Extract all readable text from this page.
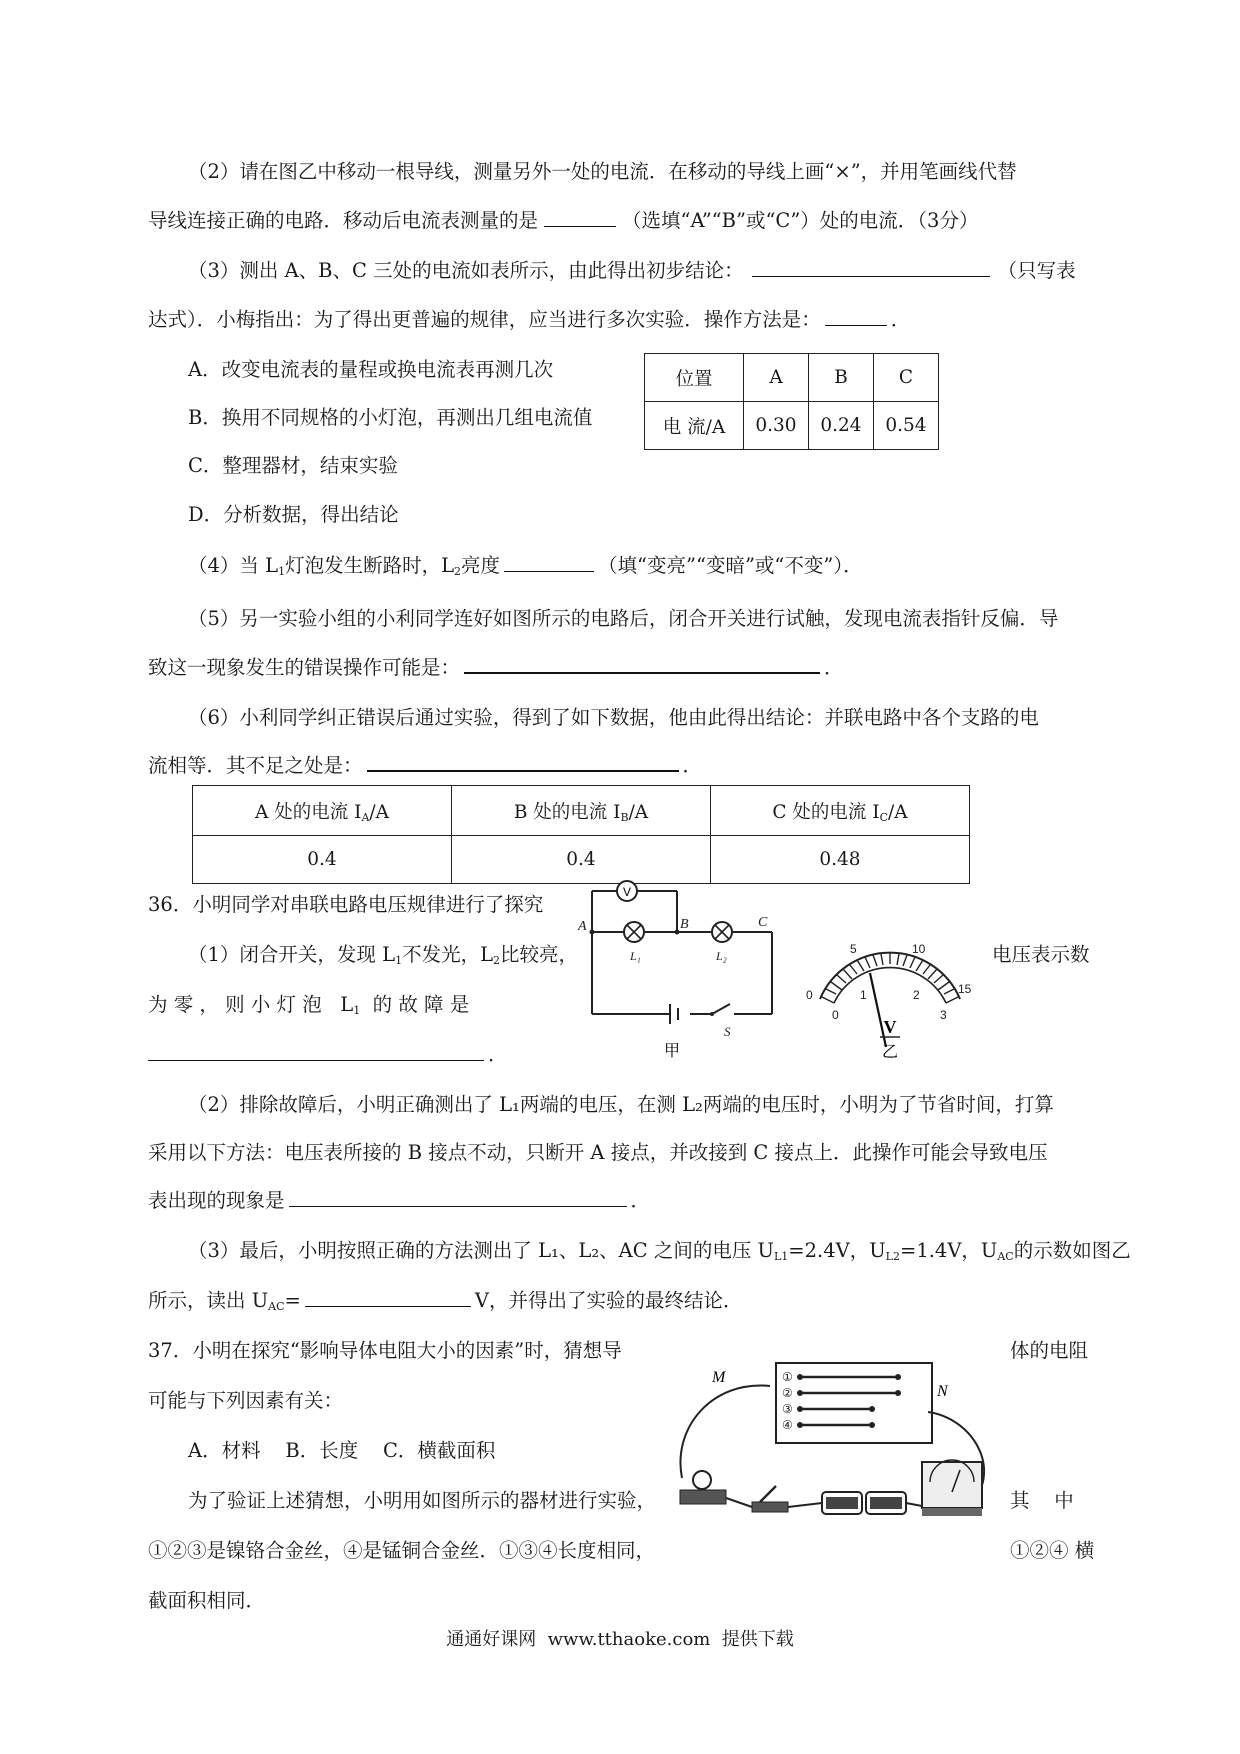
（2）请在图乙中移动一根导线，测量另外一处的电流．在移动的导线上画“×”，并用笔画线代替
导线连接正确的电路．移动后电流表测量的是	（选填“A”“B”或“C”）处的电流．（3分）
（3）测出 A、B、C 三处的电流如表所示，由此得出初步结论：	（只写表
达式）．小梅指出：为了得出更普遍的规律，应当进行多次实验．操作方法是：	．
A．改变电流表的量程或换电流表再测几次
B．换用不同规格的小灯泡，再测出几组电流值
C．整理器材，结束实验
D．分析数据，得出结论
位置	A	B	C
电 流/A	0.30	0.24	0.54
（4）当 $L_1$灯泡发生断路时，$L_2$亮度	（填“变亮”“变暗”或“不变”）．
（5）另一实验小组的小利同学连好如图所示的电路后，闭合开关进行试触，发现电流表指针反偏．导
致这一现象发生的错误操作可能是：	．
（6）小利同学纠正错误后通过实验，得到了如下数据，他由此得出结论：并联电路中各个支路的电
流相等．其不足之处是：	．
A 处的电流 $I_A/A$	B 处的电流 $I_B/A$	C 处的电流 $I_C/A$
0.4	0.4	0.48
36．小明同学对串联电路电压规律进行了探究
（1）闭合开关，发现 $L_1$不发光，$L_2$比较亮，	电压表示数
为 零 ， 则 小 灯 泡   $L_1$  的 故 障 是
．
V
A	B	C
L₁	L₂
S
甲
0
5	10
15
0
1	2
3
V
乙
（2）排除故障后，小明正确测出了 L₁两端的电压，在测 L₂两端的电压时，小明为了节省时间，打算
采用以下方法：电压表所接的 B 接点不动，只断开 A 接点，并改接到 C 接点上．此操作可能会导致电压
表出现的现象是	．
（3）最后，小明按照正确的方法测出了 L₁、L₂、AC 之间的电压 $U_{L1}=2.4V$，$U_{L2}=1.4V$，$U_{AC}$的示数如图乙
所示，读出 $U_{AC}=$	V，并得出了实验的最终结论．
37．小明在探究“影响导体电阻大小的因素”时，猜想导	体的电阻
可能与下列因素有关：
A．材料    B．长度    C．横截面积
为了验证上述猜想，小明用如图所示的器材进行实验，	其    中
①②③是镍铬合金丝，④是锰铜合金丝．①③④长度相同，	①②④ 横
截面积相同．
①
②
③
④
M
N
通通好课网  www.tthaoke.com  提供下载
